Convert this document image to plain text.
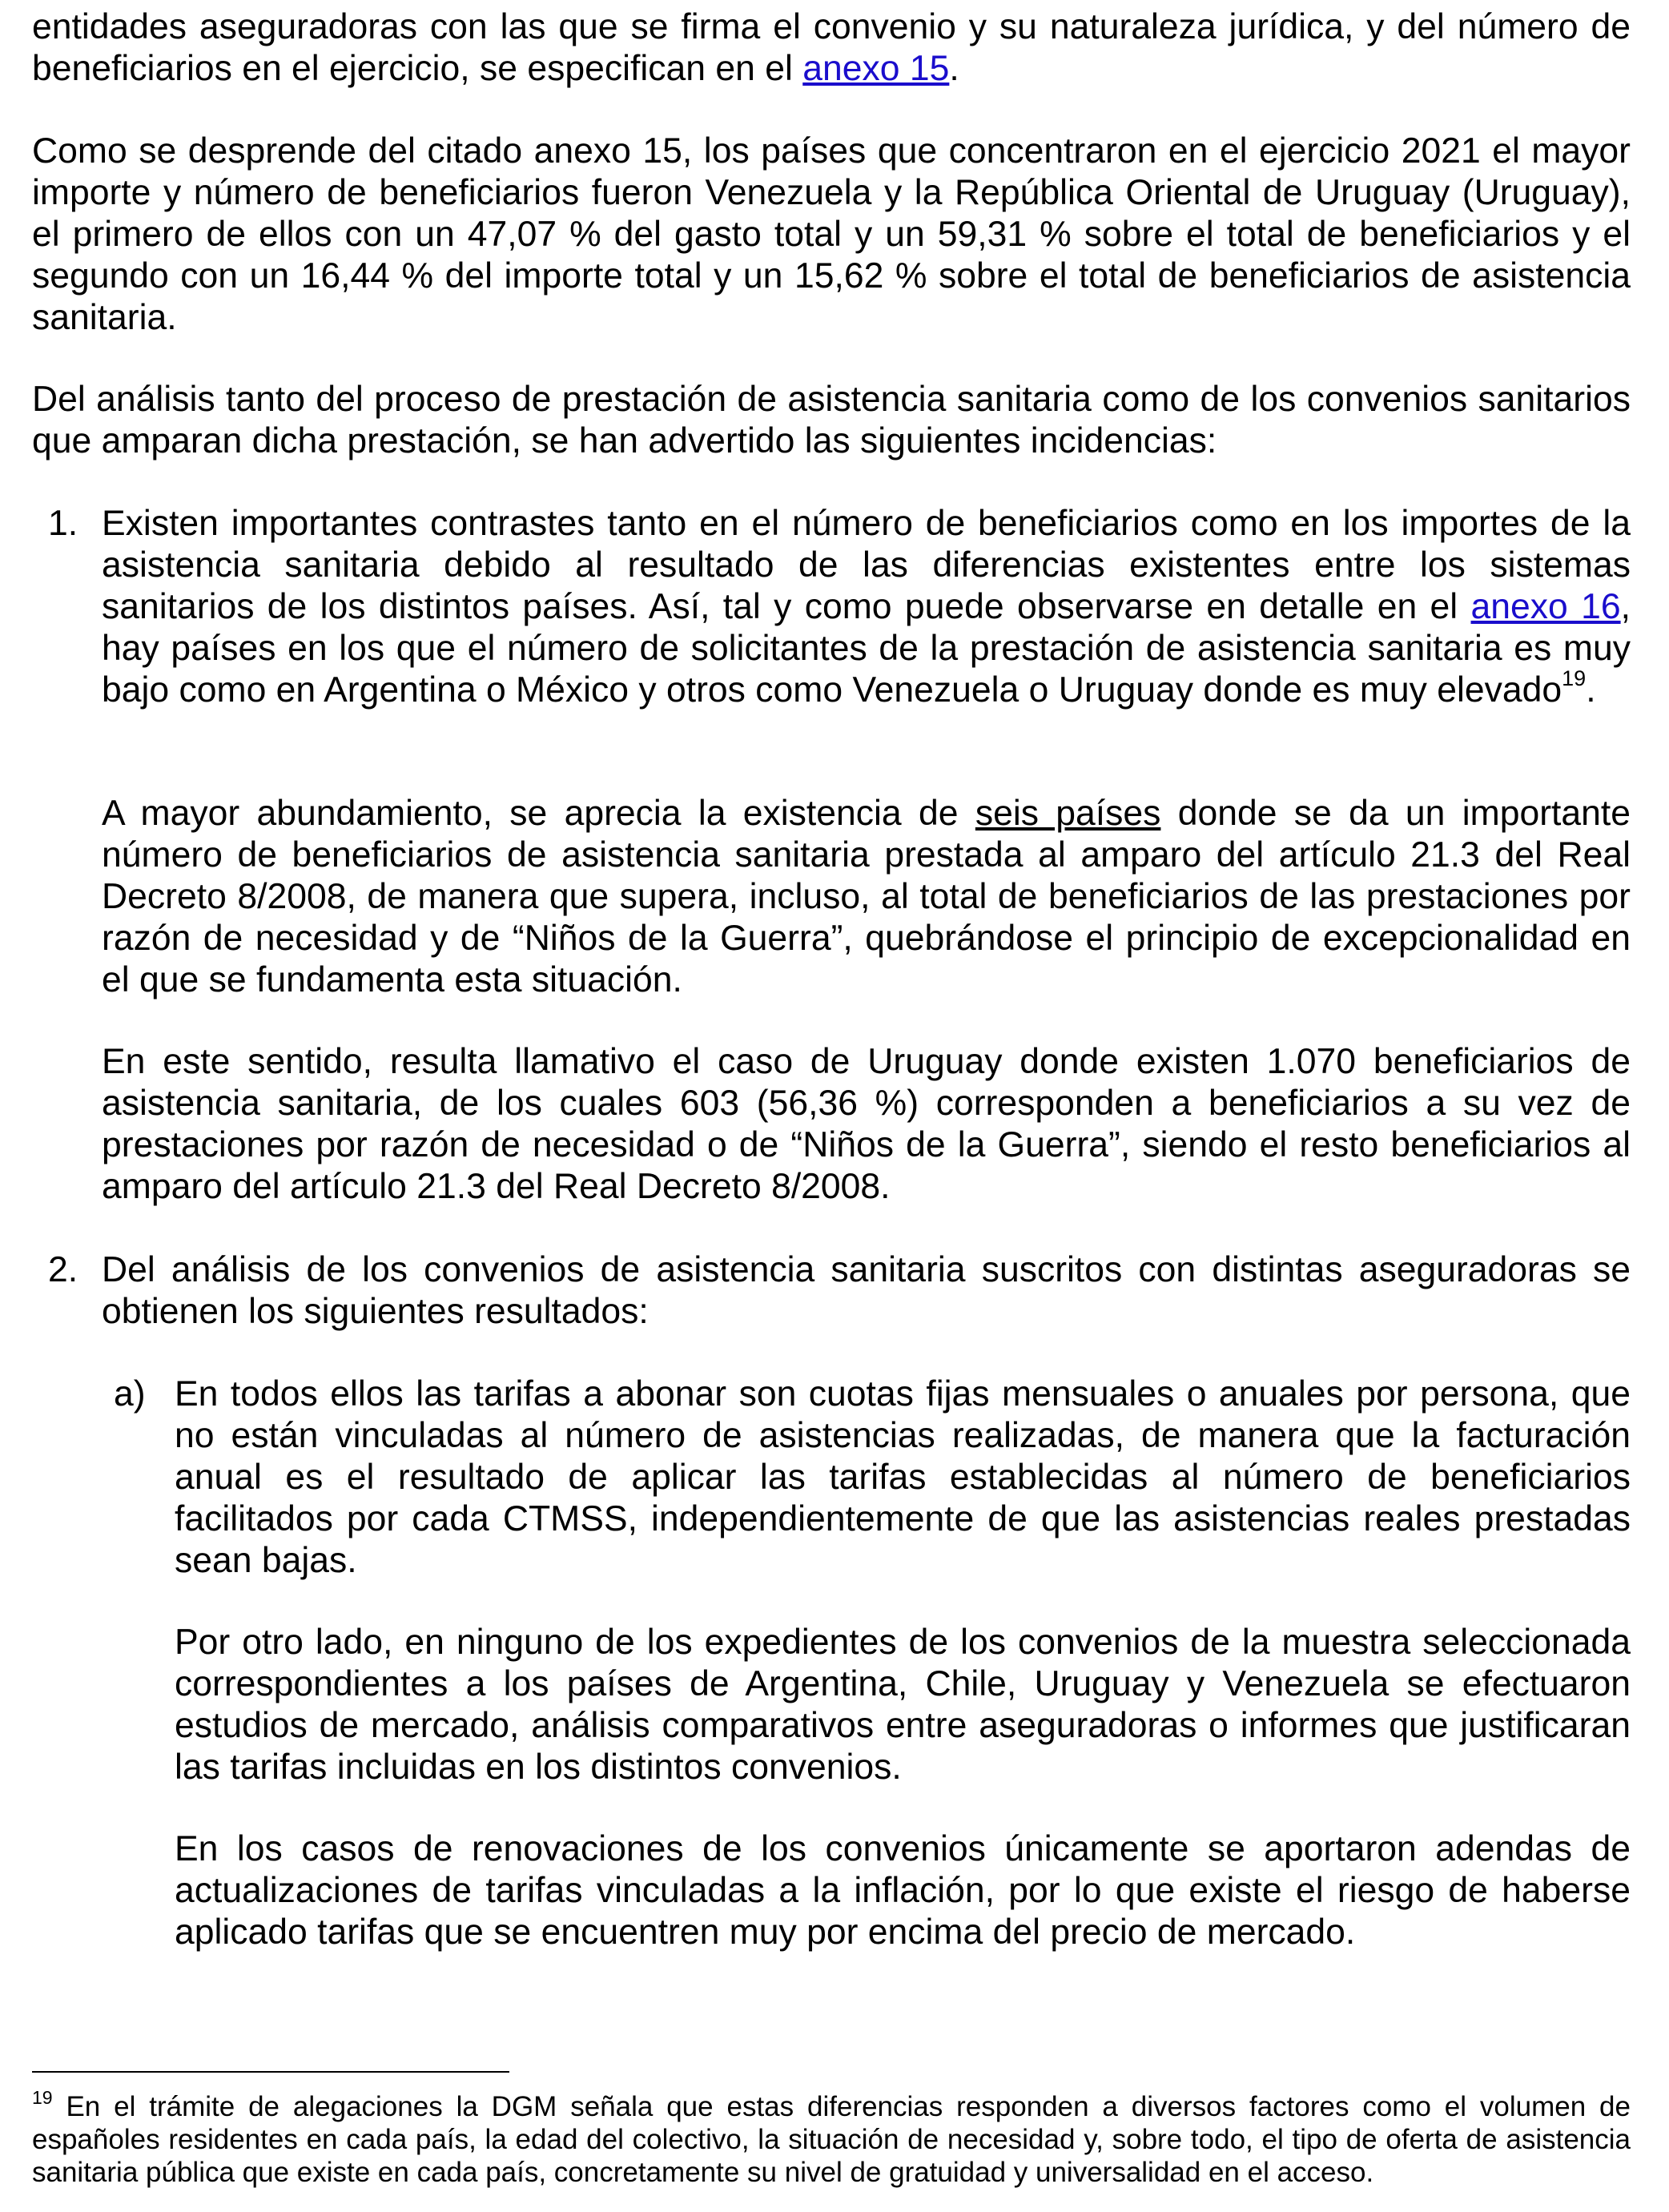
entidades aseguradoras con las que se firma el convenio y su naturaleza jurídica, y del número de beneficiarios en el ejercicio, se especifican en el anexo 15.

Como se desprende del citado anexo 15, los países que concentraron en el ejercicio 2021 el mayor importe y número de beneficiarios fueron Venezuela y la República Oriental de Uruguay (Uruguay), el primero de ellos con un 47,07 % del gasto total y un 59,31 % sobre el total de beneficiarios y el segundo con un 16,44 % del importe total y un 15,62 % sobre el total de beneficiarios de asistencia sanitaria.

Del análisis tanto del proceso de prestación de asistencia sanitaria como de los convenios sanitarios que amparan dicha prestación, se han advertido las siguientes incidencias:

1. Existen importantes contrastes tanto en el número de beneficiarios como en los importes de la asistencia sanitaria debido al resultado de las diferencias existentes entre los sistemas sanitarios de los distintos países. Así, tal y como puede observarse en detalle en el anexo 16, hay países en los que el número de solicitantes de la prestación de asistencia sanitaria es muy bajo como en Argentina o México y otros como Venezuela o Uruguay donde es muy elevado$^{19}$.

A mayor abundamiento, se aprecia la existencia de seis países donde se da un importante número de beneficiarios de asistencia sanitaria prestada al amparo del artículo 21.3 del Real Decreto 8/2008, de manera que supera, incluso, al total de beneficiarios de las prestaciones por razón de necesidad y de “Niños de la Guerra”, quebrándose el principio de excepcionalidad en el que se fundamenta esta situación.

En este sentido, resulta llamativo el caso de Uruguay donde existen 1.070 beneficiarios de asistencia sanitaria, de los cuales 603 (56,36 %) corresponden a beneficiarios a su vez de prestaciones por razón de necesidad o de “Niños de la Guerra”, siendo el resto beneficiarios al amparo del artículo 21.3 del Real Decreto 8/2008.

2. Del análisis de los convenios de asistencia sanitaria suscritos con distintas aseguradoras se obtienen los siguientes resultados:

a) En todos ellos las tarifas a abonar son cuotas fijas mensuales o anuales por persona, que no están vinculadas al número de asistencias realizadas, de manera que la facturación anual es el resultado de aplicar las tarifas establecidas al número de beneficiarios facilitados por cada CTMSS, independientemente de que las asistencias reales prestadas sean bajas.

Por otro lado, en ninguno de los expedientes de los convenios de la muestra seleccionada correspondientes a los países de Argentina, Chile, Uruguay y Venezuela se efectuaron estudios de mercado, análisis comparativos entre aseguradoras o informes que justificaran las tarifas incluidas en los distintos convenios.

En los casos de renovaciones de los convenios únicamente se aportaron adendas de actualizaciones de tarifas vinculadas a la inflación, por lo que existe el riesgo de haberse aplicado tarifas que se encuentren muy por encima del precio de mercado.

$^{19}$ En el trámite de alegaciones la DGM señala que estas diferencias responden a diversos factores como el volumen de españoles residentes en cada país, la edad del colectivo, la situación de necesidad y, sobre todo, el tipo de oferta de asistencia sanitaria pública que existe en cada país, concretamente su nivel de gratuidad y universalidad en el acceso.
